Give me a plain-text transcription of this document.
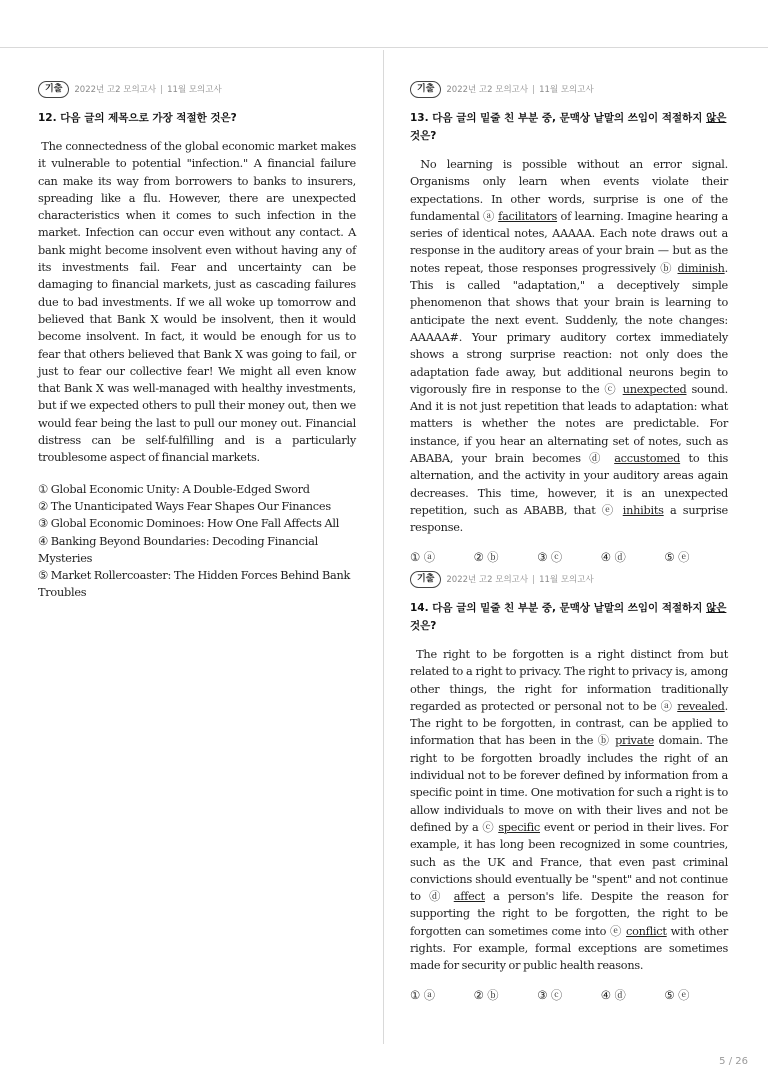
기출	2022년 고2 모의고사 11월 모의고사
12. 다음 글의 제목으로 가장 적절한 것은?

The connectedness of the global economic market makes it vulnerable to potential "infection." A financial failure can make its way from borrowers to banks to insurers, spreading like a flu. However, there are unexpected characteristics when it comes to such infection in the market. Infection can occur even without any contact. A bank might become insolvent even without having any of its investments fail. Fear and uncertainty can be damaging to financial markets, just as cascading failures due to bad investments. If we all woke up tomorrow and believed that Bank X would be insolvent, then it would become insolvent. In fact, it would be enough for us to fear that others believed that Bank X was going to fail, or just to fear our collective fear! We might all even know that Bank X was well-managed with healthy investments, but if we expected others to pull their money out, then we would fear being the last to pull our money out. Financial distress can be self-fulfilling and is a particularly troublesome aspect of financial markets.

① Global Economic Unity: A Double-Edged Sword
② The Unanticipated Ways Fear Shapes Our Finances
③ Global Economic Dominoes: How One Fall Affects All
④ Banking Beyond Boundaries: Decoding Financial Mysteries
⑤ Market Rollercoaster: The Hidden Forces Behind Bank Troubles
기출	2022년 고2 모의고사 11월 모의고사
13. 다음 글의 밑줄 친 부분 중, 문맥상 낱말의 쓰임이 적절하지 않은 것은?

No learning is possible without an error signal. Organisms only learn when events violate their expectations. In other words, surprise is one of the fundamental ⓐ facilitators of learning. Imagine hearing a series of identical notes, AAAAA. Each note draws out a response in the auditory areas of your brain — but as the notes repeat, those responses progressively ⓑ diminish. This is called "adaptation," a deceptively simple phenomenon that shows that your brain is learning to anticipate the next event. Suddenly, the note changes: AAAAA#. Your primary auditory cortex immediately shows a strong surprise reaction: not only does the adaptation fade away, but additional neurons begin to vigorously fire in response to the ⓒ unexpected sound. And it is not just repetition that leads to adaptation: what matters is whether the notes are predictable. For instance, if you hear an alternating set of notes, such as ABABA, your brain becomes ⓓ accustomed to this alternation, and the activity in your auditory areas again decreases. This time, however, it is an unexpected repetition, such as ABABB, that ⓔ inhibits a surprise response.

① ⓐ	② ⓑ	③ ⓒ	④ ⓓ	⑤ ⓔ
기출	2022년 고2 모의고사 11월 모의고사
14. 다음 글의 밑줄 친 부분 중, 문맥상 낱말의 쓰임이 적절하지 않은 것은?

The right to be forgotten is a right distinct from but related to a right to privacy. The right to privacy is, among other things, the right for information traditionally regarded as protected or personal not to be ⓐ revealed. The right to be forgotten, in contrast, can be applied to information that has been in the ⓑ private domain. The right to be forgotten broadly includes the right of an individual not to be forever defined by information from a specific point in time. One motivation for such a right is to allow individuals to move on with their lives and not be defined by a ⓒ specific event or period in their lives. For example, it has long been recognized in some countries, such as the UK and France, that even past criminal convictions should eventually be "spent" and not continue to ⓓ affect a person's life. Despite the reason for supporting the right to be forgotten, the right to be forgotten can sometimes come into ⓔ conflict with other rights. For example, formal exceptions are sometimes made for security or public health reasons.

① ⓐ	② ⓑ	③ ⓒ	④ ⓓ	⑤ ⓔ
5 / 26
